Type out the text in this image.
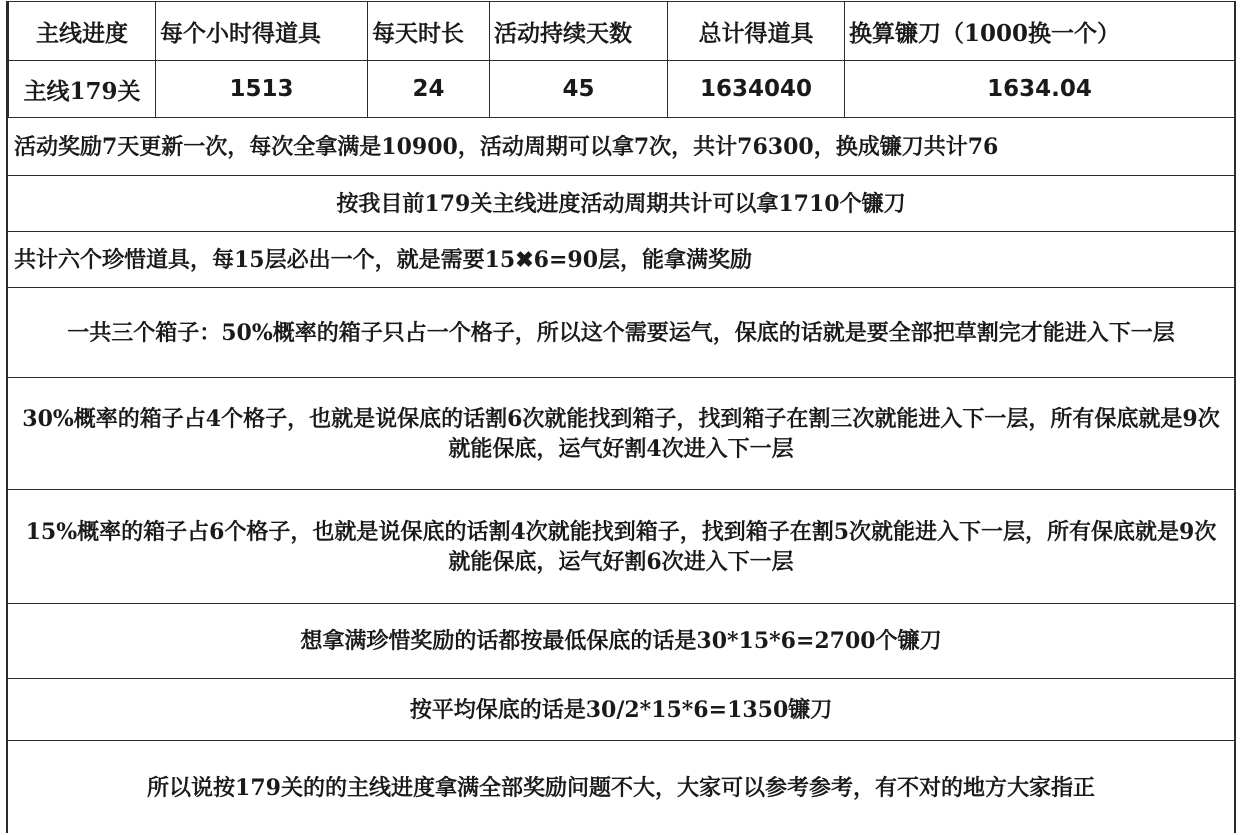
主线进度	每个小时得道具	每天时长	活动持续天数	总计得道具	换算镰刀（1000换一个）
主线179关	1513	24	45	1634040	1634.04
活动奖励7天更新一次，每次全拿满是10900，活动周期可以拿7次，共计76300，换成镰刀共计76
按我目前179关主线进度活动周期共计可以拿1710个镰刀
共计六个珍惜道具，每15层必出一个，就是需要15✖6=90层，能拿满奖励
一共三个箱子：50%概率的箱子只占一个格子，所以这个需要运气，保底的话就是要全部把草割完才能进入下一层
30%概率的箱子占4个格子，也就是说保底的话割6次就能找到箱子，找到箱子在割三次就能进入下一层，所有保底就是9次就能保底，运气好割4次进入下一层
15%概率的箱子占6个格子，也就是说保底的话割4次就能找到箱子，找到箱子在割5次就能进入下一层，所有保底就是9次就能保底，运气好割6次进入下一层
想拿满珍惜奖励的话都按最低保底的话是30*15*6=2700个镰刀
按平均保底的话是30/2*15*6=1350镰刀
所以说按179关的的主线进度拿满全部奖励问题不大，大家可以参考参考，有不对的地方大家指正
